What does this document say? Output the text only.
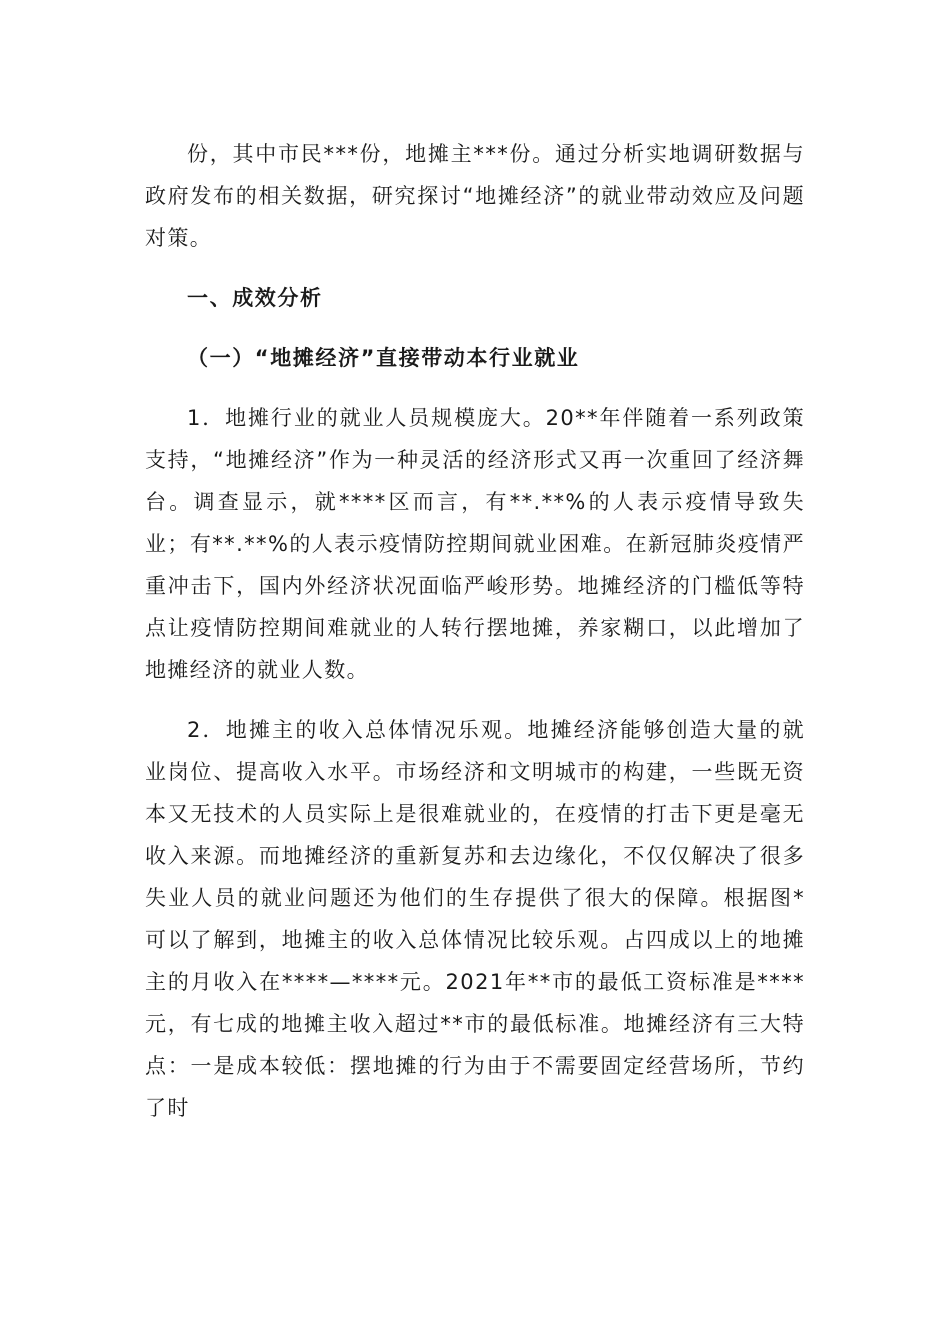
份，其中市民***份，地摊主***份。通过分析实地调研数据与政府发布的相关数据，研究探讨“地摊经济”的就业带动效应及问题对策。

一、成效分析

（一）“地摊经济”直接带动本行业就业

1．地摊行业的就业人员规模庞大。20**年伴随着一系列政策支持，“地摊经济”作为一种灵活的经济形式又再一次重回了经济舞台。调查显示，就****区而言，有**.**%的人表示疫情导致失业；有**.**%的人表示疫情防控期间就业困难。在新冠肺炎疫情严重冲击下，国内外经济状况面临严峻形势。地摊经济的门槛低等特点让疫情防控期间难就业的人转行摆地摊，养家糊口，以此增加了地摊经济的就业人数。

2．地摊主的收入总体情况乐观。地摊经济能够创造大量的就业岗位、提高收入水平。市场经济和文明城市的构建，一些既无资本又无技术的人员实际上是很难就业的，在疫情的打击下更是毫无收入来源。而地摊经济的重新复苏和去边缘化，不仅仅解决了很多失业人员的就业问题还为他们的生存提供了很大的保障。根据图*可以了解到，地摊主的收入总体情况比较乐观。占四成以上的地摊主的月收入在****—****元。2021年**市的最低工资标准是****元，有七成的地摊主收入超过**市的最低标准。地摊经济有三大特点：一是成本较低：摆地摊的行为由于不需要固定经营场所，节约了时
